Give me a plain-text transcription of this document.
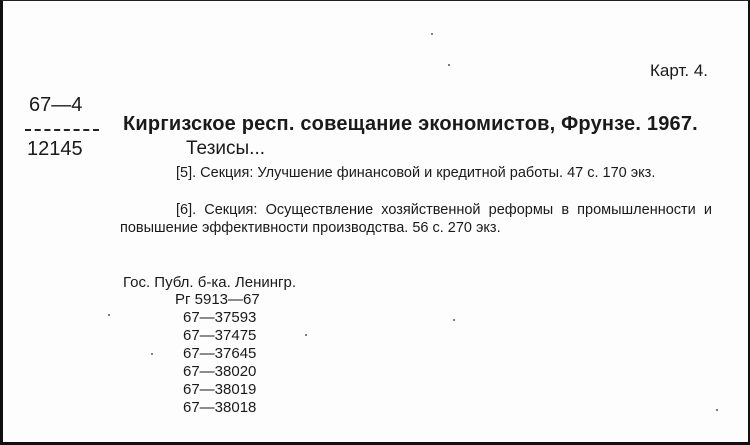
Карт. 4.
67—4
12145
Киргизское респ. совещание экономистов, Фрунзе. 1967.
Тезисы...
[5]. Секция: Улучшение финансовой и кредитной работы. 47 с. 170 экз.
[6]. Секция: Осуществление хозяйственной реформы в промышленности и повышение эффективности производства. 56 с. 270 экз.
Гос. Публ. б-ка. Ленингр.
Рг 5913—67
67—37593
67—37475
67—37645
67—38020
67—38019
67—38018
